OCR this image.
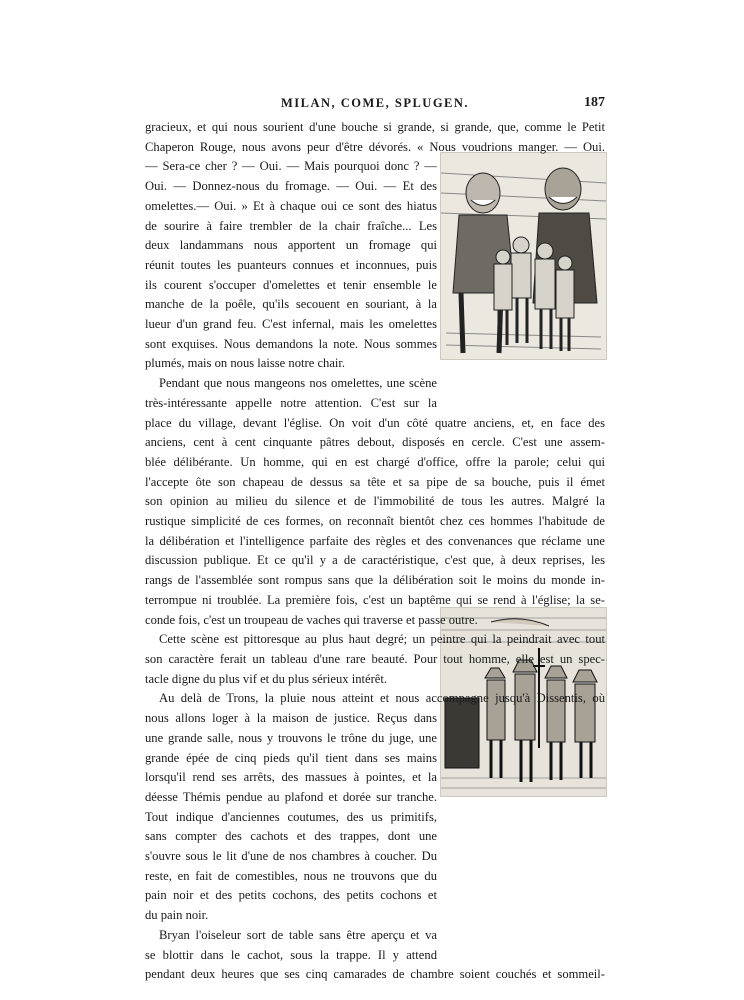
MILAN, COME, SPLUGEN.	187

gracieux, et qui nous sourient d'une bouche si grande, si grande, que, comme le Petit
Chaperon Rouge, nous avons peur d'être dévorés. « Nous voudrions manger. — Oui.
— Sera-ce cher ? — Oui. — Mais pourquoi donc ? —
Oui. — Donnez-nous du fromage. — Oui. — Et des
omelettes.— Oui. » Et à chaque oui ce sont des hiatus
de sourire à faire trembler de la chair fraîche... Les
deux landammans nous apportent un fromage qui
réunit toutes les puanteurs connues et inconnues, puis
ils courent s'occuper d'omelettes et tenir ensemble le
manche de la poêle, qu'ils secouent en souriant, à la
lueur d'un grand feu. C'est infernal, mais les omelettes
sont exquises. Nous demandons la note. Nous sommes
plumés, mais on nous laisse notre chair.

Pendant que nous mangeons nos omelettes, une scène
très-intéressante appelle notre attention. C'est sur la
place du village, devant l'église. On voit d'un côté quatre anciens, et, en face des
anciens, cent à cent cinquante pâtres debout, disposés en cercle. C'est une assem-
blée délibérante. Un homme, qui en est chargé d'office, offre la parole; celui qui
l'accepte ôte son chapeau de dessus sa tête et sa pipe de sa bouche, puis il émet
son opinion au milieu du silence et de l'immobilité de tous les autres. Malgré la
rustique simplicité de ces formes, on reconnaît bientôt chez ces hommes l'habitude de
la délibération et l'intelligence parfaite des règles et des convenances que réclame une
discussion publique. Et ce qu'il y a de caractéristique, c'est que, à deux reprises, les
rangs de l'assemblée sont rompus sans que la délibération soit le moins du monde in-
terrompue ni troublée. La première fois, c'est un baptême qui se rend à l'église; la se-
conde fois, c'est un troupeau de vaches qui traverse et passe outre.

Cette scène est pittoresque au plus haut degré; un peintre qui la peindrait avec tout
son caractère ferait un tableau d'une rare beauté. Pour tout homme, elle est un spec-
tacle digne du plus vif et du plus sérieux intérêt.

Au delà de Trons, la pluie nous atteint et nous accompagne jusqu'à Dissentis, où
nous allons loger à la maison de justice. Reçus dans
une grande salle, nous y trouvons le trône du juge, une
grande épée de cinq pieds qu'il tient dans ses mains
lorsqu'il rend ses arrêts, des massues à pointes, et la
déesse Thémis pendue au plafond et dorée sur tranche.
Tout indique d'anciennes coutumes, des us primitifs,
sans compter des cachots et des trappes, dont une
s'ouvre sous le lit d'une de nos chambres à coucher. Du
reste, en fait de comestibles, nous ne trouvons que du
pain noir et des petits cochons, des petits cochons et
du pain noir.

Bryan l'oiseleur sort de table sans être aperçu et va
se blottir dans le cachot, sous la trappe. Il y attend
pendant deux heures que ses cinq camarades de chambre soient couchés et sommeil-
